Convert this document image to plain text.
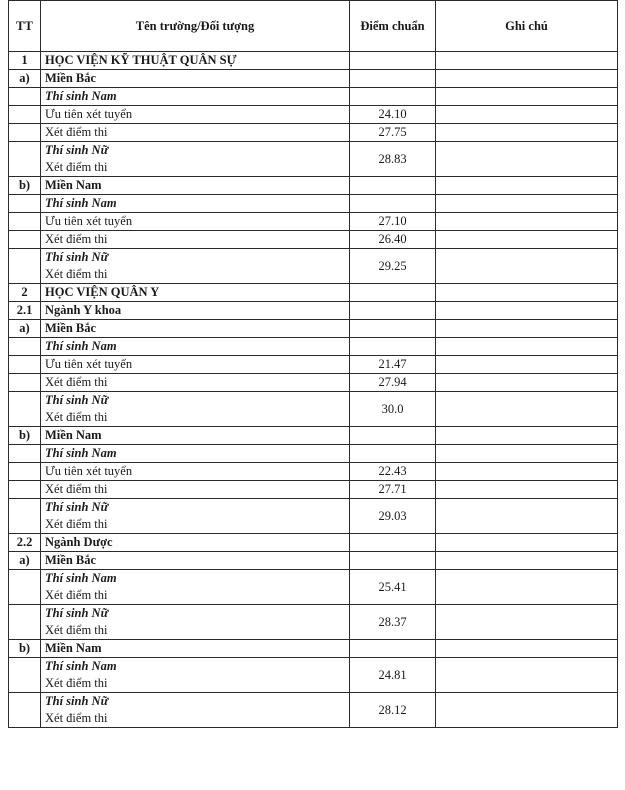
TT	Tên trường/Đối tượng	Điểm chuẩn	Ghi chú
1	HỌC VIỆN KỸ THUẬT QUÂN SỰ		
a)	Miền Bắc		

	Thí sinh Nam		

	Ưu tiên xét tuyển	24.10	
	Xét điểm thi	27.75	

	Thí sinh Nữ
Xét điểm thi	28.83	
b)	Miền Nam		

	Thí sinh Nam		

	Ưu tiên xét tuyển	27.10	
	Xét điểm thi	26.40	

	Thí sinh Nữ
Xét điểm thi	29.25	
2	HỌC VIỆN QUÂN Y		
2.1	Ngành Y khoa		
a)	Miền Bắc		

	Thí sinh Nam		

	Ưu tiên xét tuyển	21.47	
	Xét điểm thi	27.94	

	Thí sinh Nữ
Xét điểm thi	30.0	
b)	Miền Nam		

	Thí sinh Nam		

	Ưu tiên xét tuyển	22.43	
	Xét điểm thi	27.71	

	Thí sinh Nữ
Xét điểm thi	29.03	
2.2	Ngành Dược		
a)	Miền Bắc		

	Thí sinh Nam
Xét điểm thi	25.41	

	Thí sinh Nữ
Xét điểm thi	28.37	
b)	Miền Nam		

	Thí sinh Nam
Xét điểm thi	24.81	

	Thí sinh Nữ
Xét điểm thi	28.12	
